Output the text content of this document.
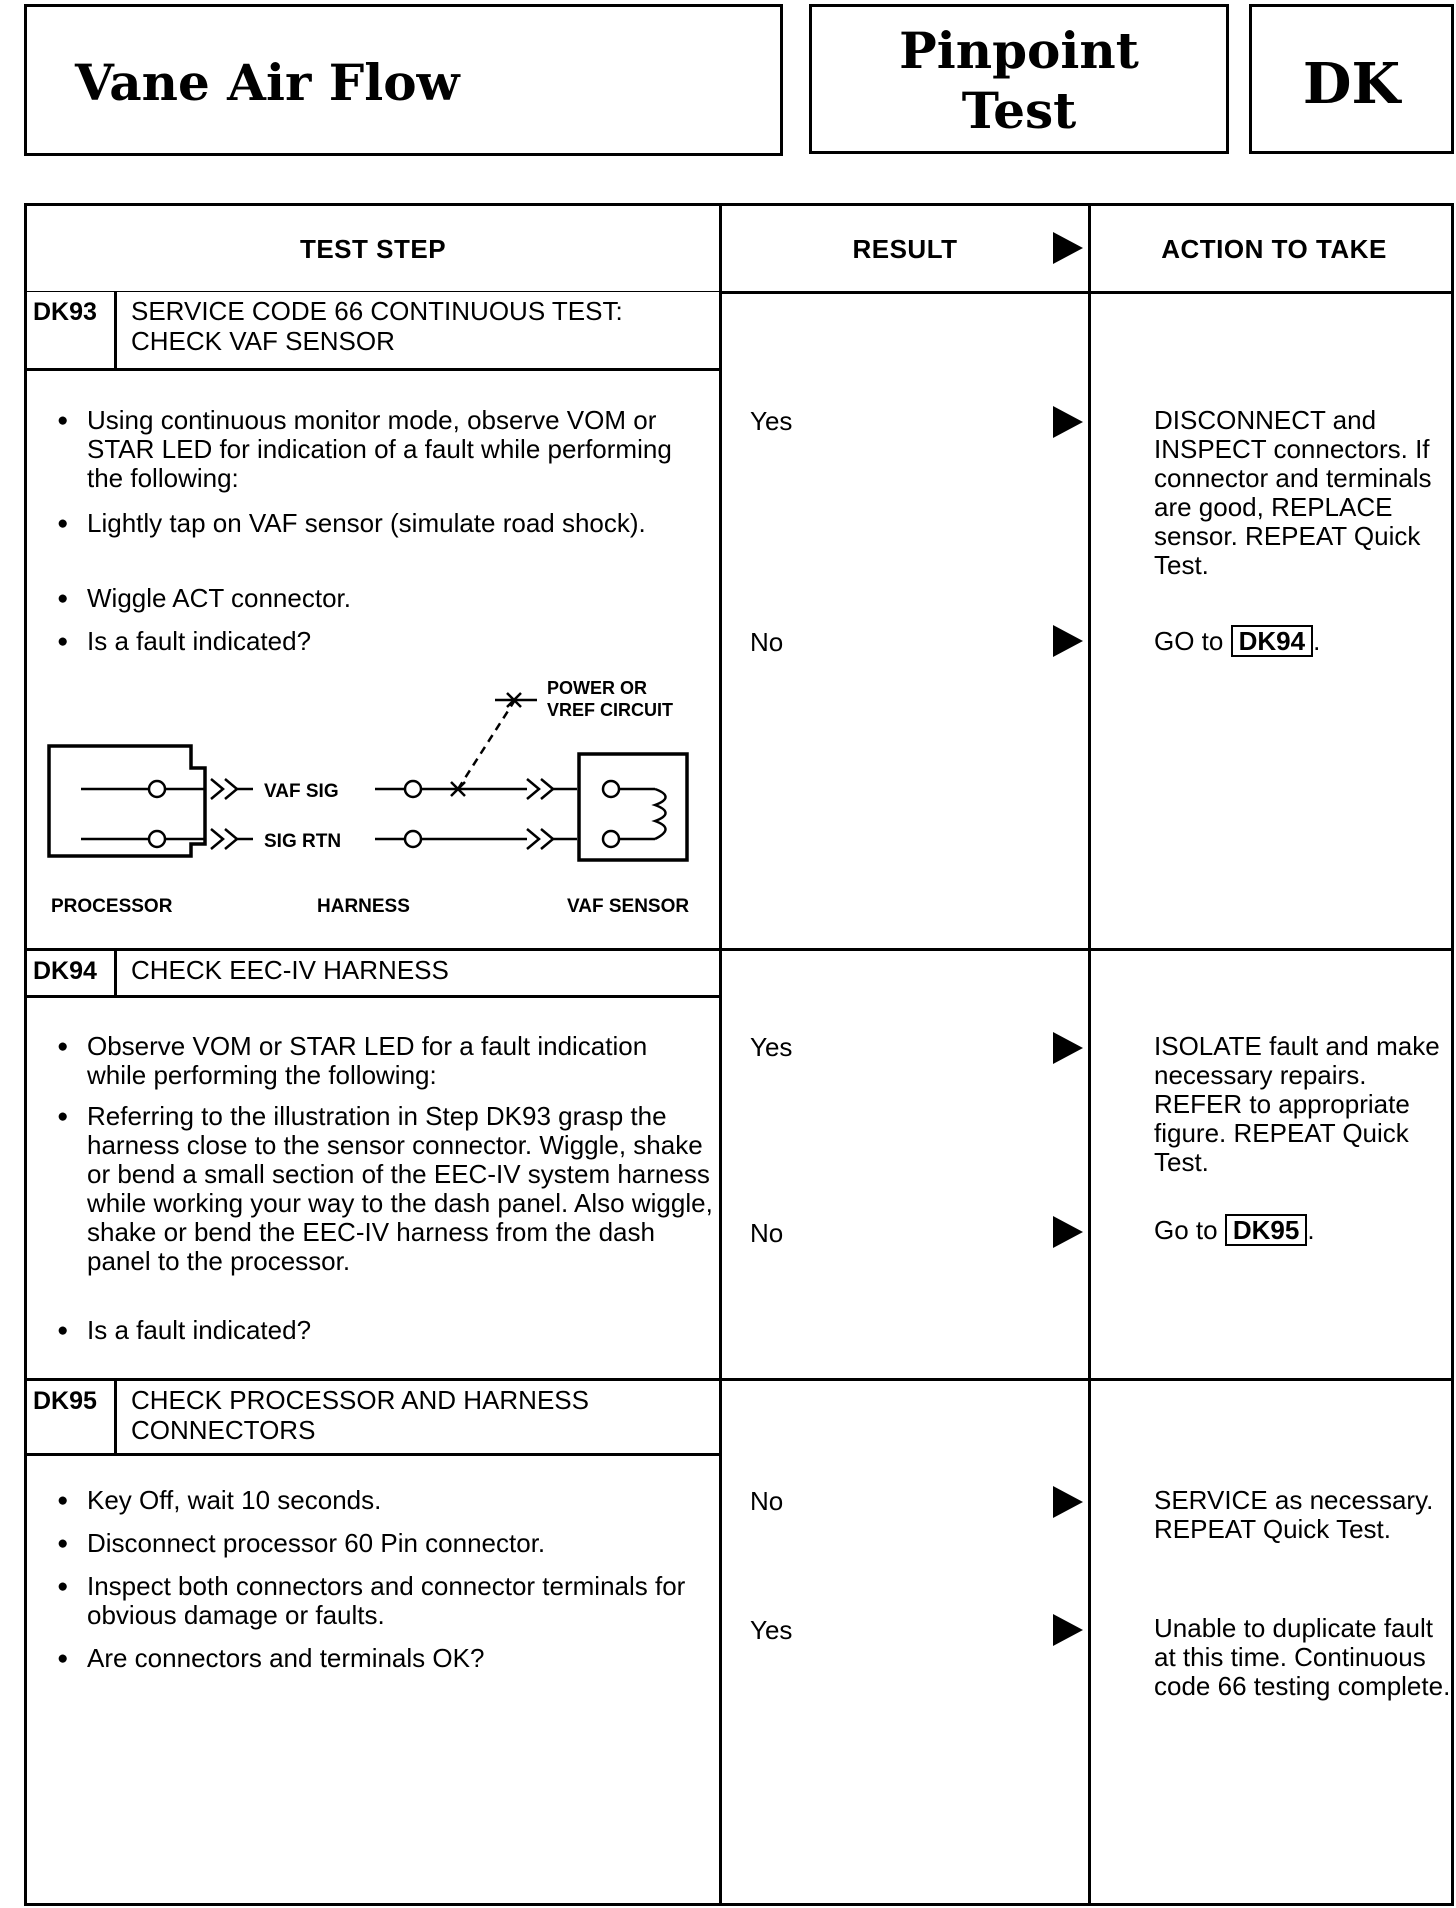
Vane Air Flow
Pinpoint
Test	DK
TEST STEP	RESULT	ACTION TO TAKE
DK93	SERVICE CODE 66 CONTINUOUS TEST:
CHECK VAF SENSOR
● Using continuous monitor mode, observe VOM or STAR LED for indication of a fault while performing the following:
● Lightly tap on VAF sensor (simulate road shock).
● Wiggle ACT connector.
● Is a fault indicated?
Yes	DISCONNECT and INSPECT connectors. If connector and terminals are good, REPLACE sensor. REPEAT Quick Test.
No	GO to DK94 .
VAF SIG
SIG RTN
POWER OR
VREF CIRCUIT
PROCESSOR	HARNESS	VAF SENSOR
DK94	CHECK EEC-IV HARNESS
● Observe VOM or STAR LED for a fault indication while performing the following:
● Referring to the illustration in Step DK93 grasp the harness close to the sensor connector. Wiggle, shake or bend a small section of the EEC-IV system harness while working your way to the dash panel. Also wiggle, shake or bend the EEC-IV harness from the dash panel to the processor.
● Is a fault indicated?
Yes	ISOLATE fault and make necessary repairs. REFER to appropriate figure. REPEAT Quick Test.
No	Go to DK95 .
DK95	CHECK PROCESSOR AND HARNESS
CONNECTORS
● Key Off, wait 10 seconds.
● Disconnect processor 60 Pin connector.
● Inspect both connectors and connector terminals for obvious damage or faults.
● Are connectors and terminals OK?
No	SERVICE as necessary. REPEAT Quick Test.
Yes	Unable to duplicate fault at this time. Continuous code 66 testing complete.
